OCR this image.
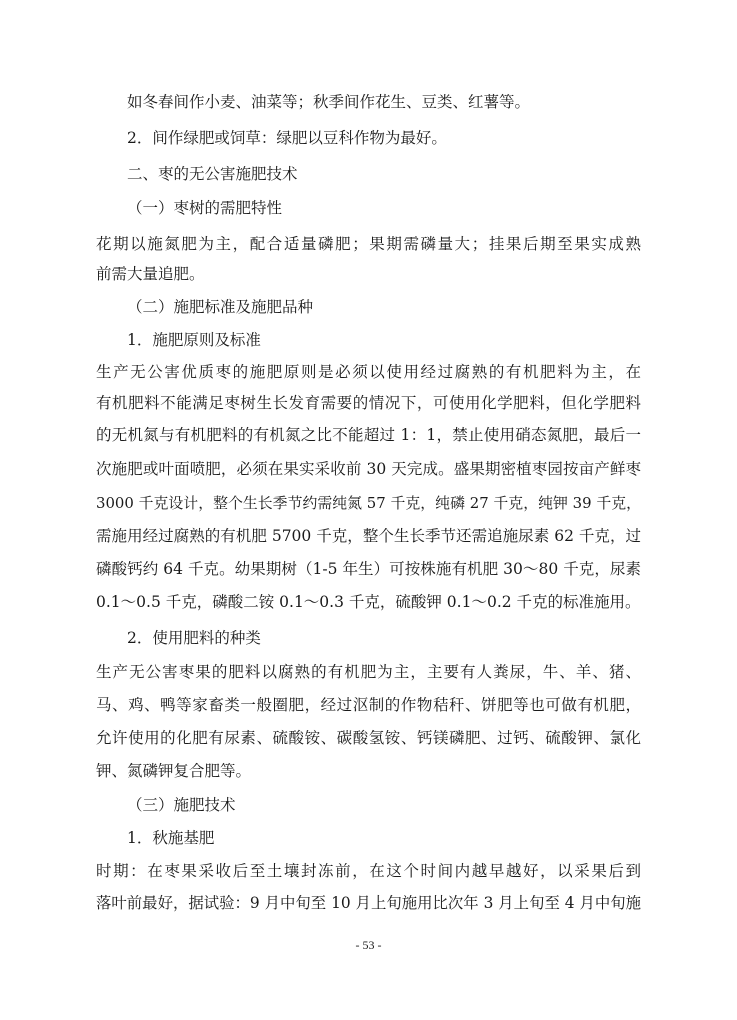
如冬春间作小麦、油菜等；秋季间作花生、豆类、红薯等。
2．间作绿肥或饲草：绿肥以豆科作物为最好。
二、枣的无公害施肥技术
（一）枣树的需肥特性
花期以施氮肥为主，配合适量磷肥；果期需磷量大；挂果后期至果实成熟
前需大量追肥。
（二）施肥标准及施肥品种
1．施肥原则及标准
生产无公害优质枣的施肥原则是必须以使用经过腐熟的有机肥料为主，在
有机肥料不能满足枣树生长发育需要的情况下，可使用化学肥料，但化学肥料
的无机氮与有机肥料的有机氮之比不能超过 1：1，禁止使用硝态氮肥，最后一
次施肥或叶面喷肥，必须在果实采收前 30 天完成。盛果期密植枣园按亩产鲜枣
3000 千克设计，整个生长季节约需纯氮 57 千克，纯磷 27 千克，纯钾 39 千克，
需施用经过腐熟的有机肥 5700 千克，整个生长季节还需追施尿素 62 千克，过
磷酸钙约 64 千克。幼果期树（1-5 年生）可按株施有机肥 30～80 千克，尿素
0.1～0.5 千克，磷酸二铵 0.1～0.3 千克，硫酸钾 0.1～0.2 千克的标准施用。
2．使用肥料的种类
生产无公害枣果的肥料以腐熟的有机肥为主，主要有人粪尿，牛、羊、猪、
马、鸡、鸭等家畜类一般圈肥，经过沤制的作物秸秆、饼肥等也可做有机肥，
允许使用的化肥有尿素、硫酸铵、碳酸氢铵、钙镁磷肥、过钙、硫酸钾、氯化
钾、氮磷钾复合肥等。
（三）施肥技术
1．秋施基肥
时期：在枣果采收后至土壤封冻前，在这个时间内越早越好，以采果后到
落叶前最好，据试验：9 月中旬至 10 月上旬施用比次年 3 月上旬至 4 月中旬施
- 53 -
